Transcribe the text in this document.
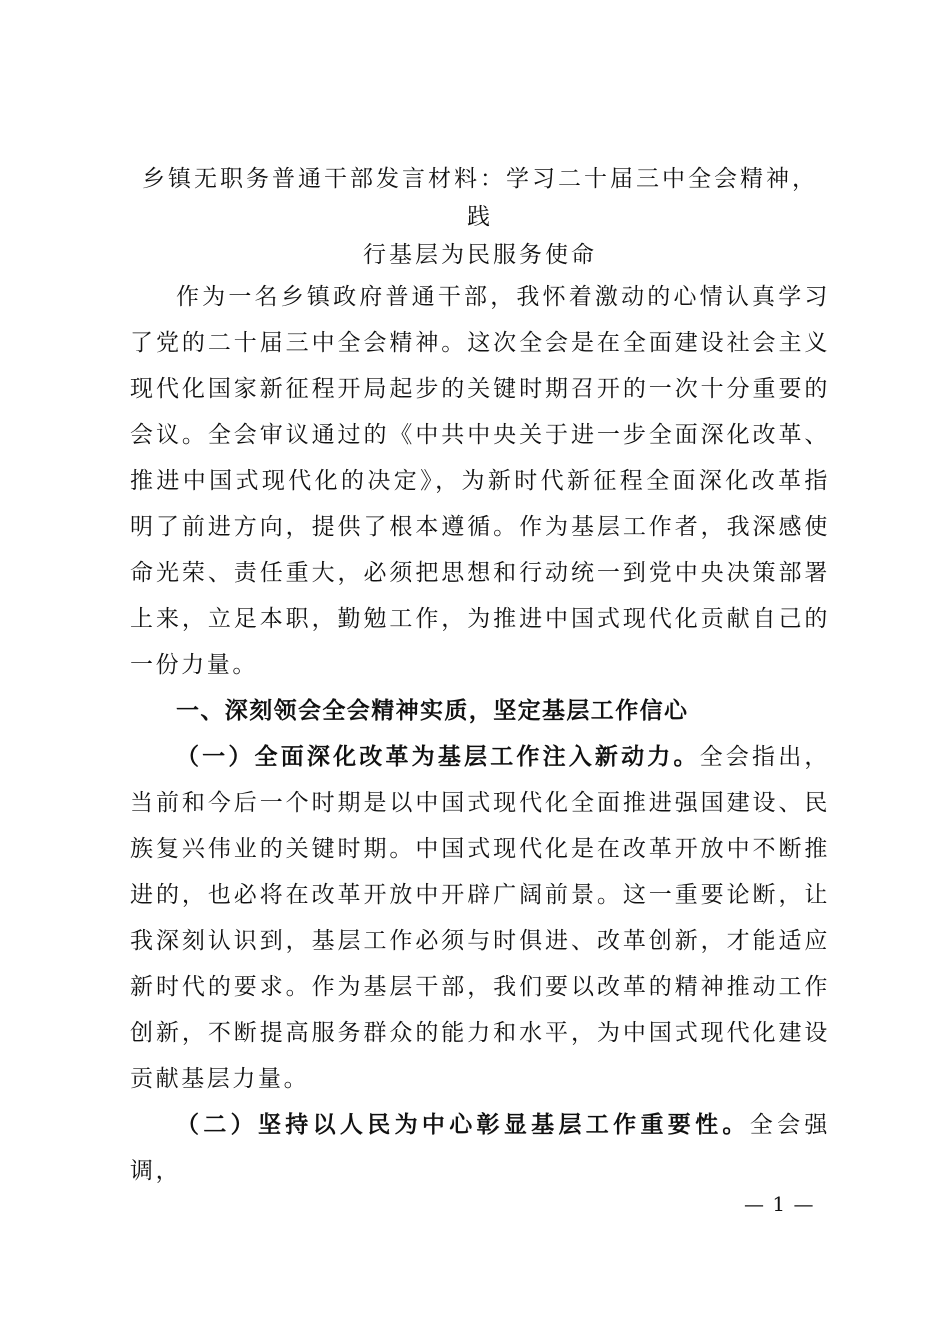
乡镇无职务普通干部发言材料：学习二十届三中全会精神，践
行基层为民服务使命

作为一名乡镇政府普通干部，我怀着激动的心情认真学习了党的二十届三中全会精神。这次全会是在全面建设社会主义现代化国家新征程开局起步的关键时期召开的一次十分重要的会议。全会审议通过的《中共中央关于进一步全面深化改革、推进中国式现代化的决定》，为新时代新征程全面深化改革指明了前进方向，提供了根本遵循。作为基层工作者，我深感使命光荣、责任重大，必须把思想和行动统一到党中央决策部署上来，立足本职，勤勉工作，为推进中国式现代化贡献自己的一份力量。

一、深刻领会全会精神实质，坚定基层工作信心

（一）全面深化改革为基层工作注入新动力。全会指出，当前和今后一个时期是以中国式现代化全面推进强国建设、民族复兴伟业的关键时期。中国式现代化是在改革开放中不断推进的，也必将在改革开放中开辟广阔前景。这一重要论断，让我深刻认识到，基层工作必须与时俱进、改革创新，才能适应新时代的要求。作为基层干部，我们要以改革的精神推动工作创新，不断提高服务群众的能力和水平，为中国式现代化建设贡献基层力量。

（二）坚持以人民为中心彰显基层工作重要性。全会强调，

— 1 —
